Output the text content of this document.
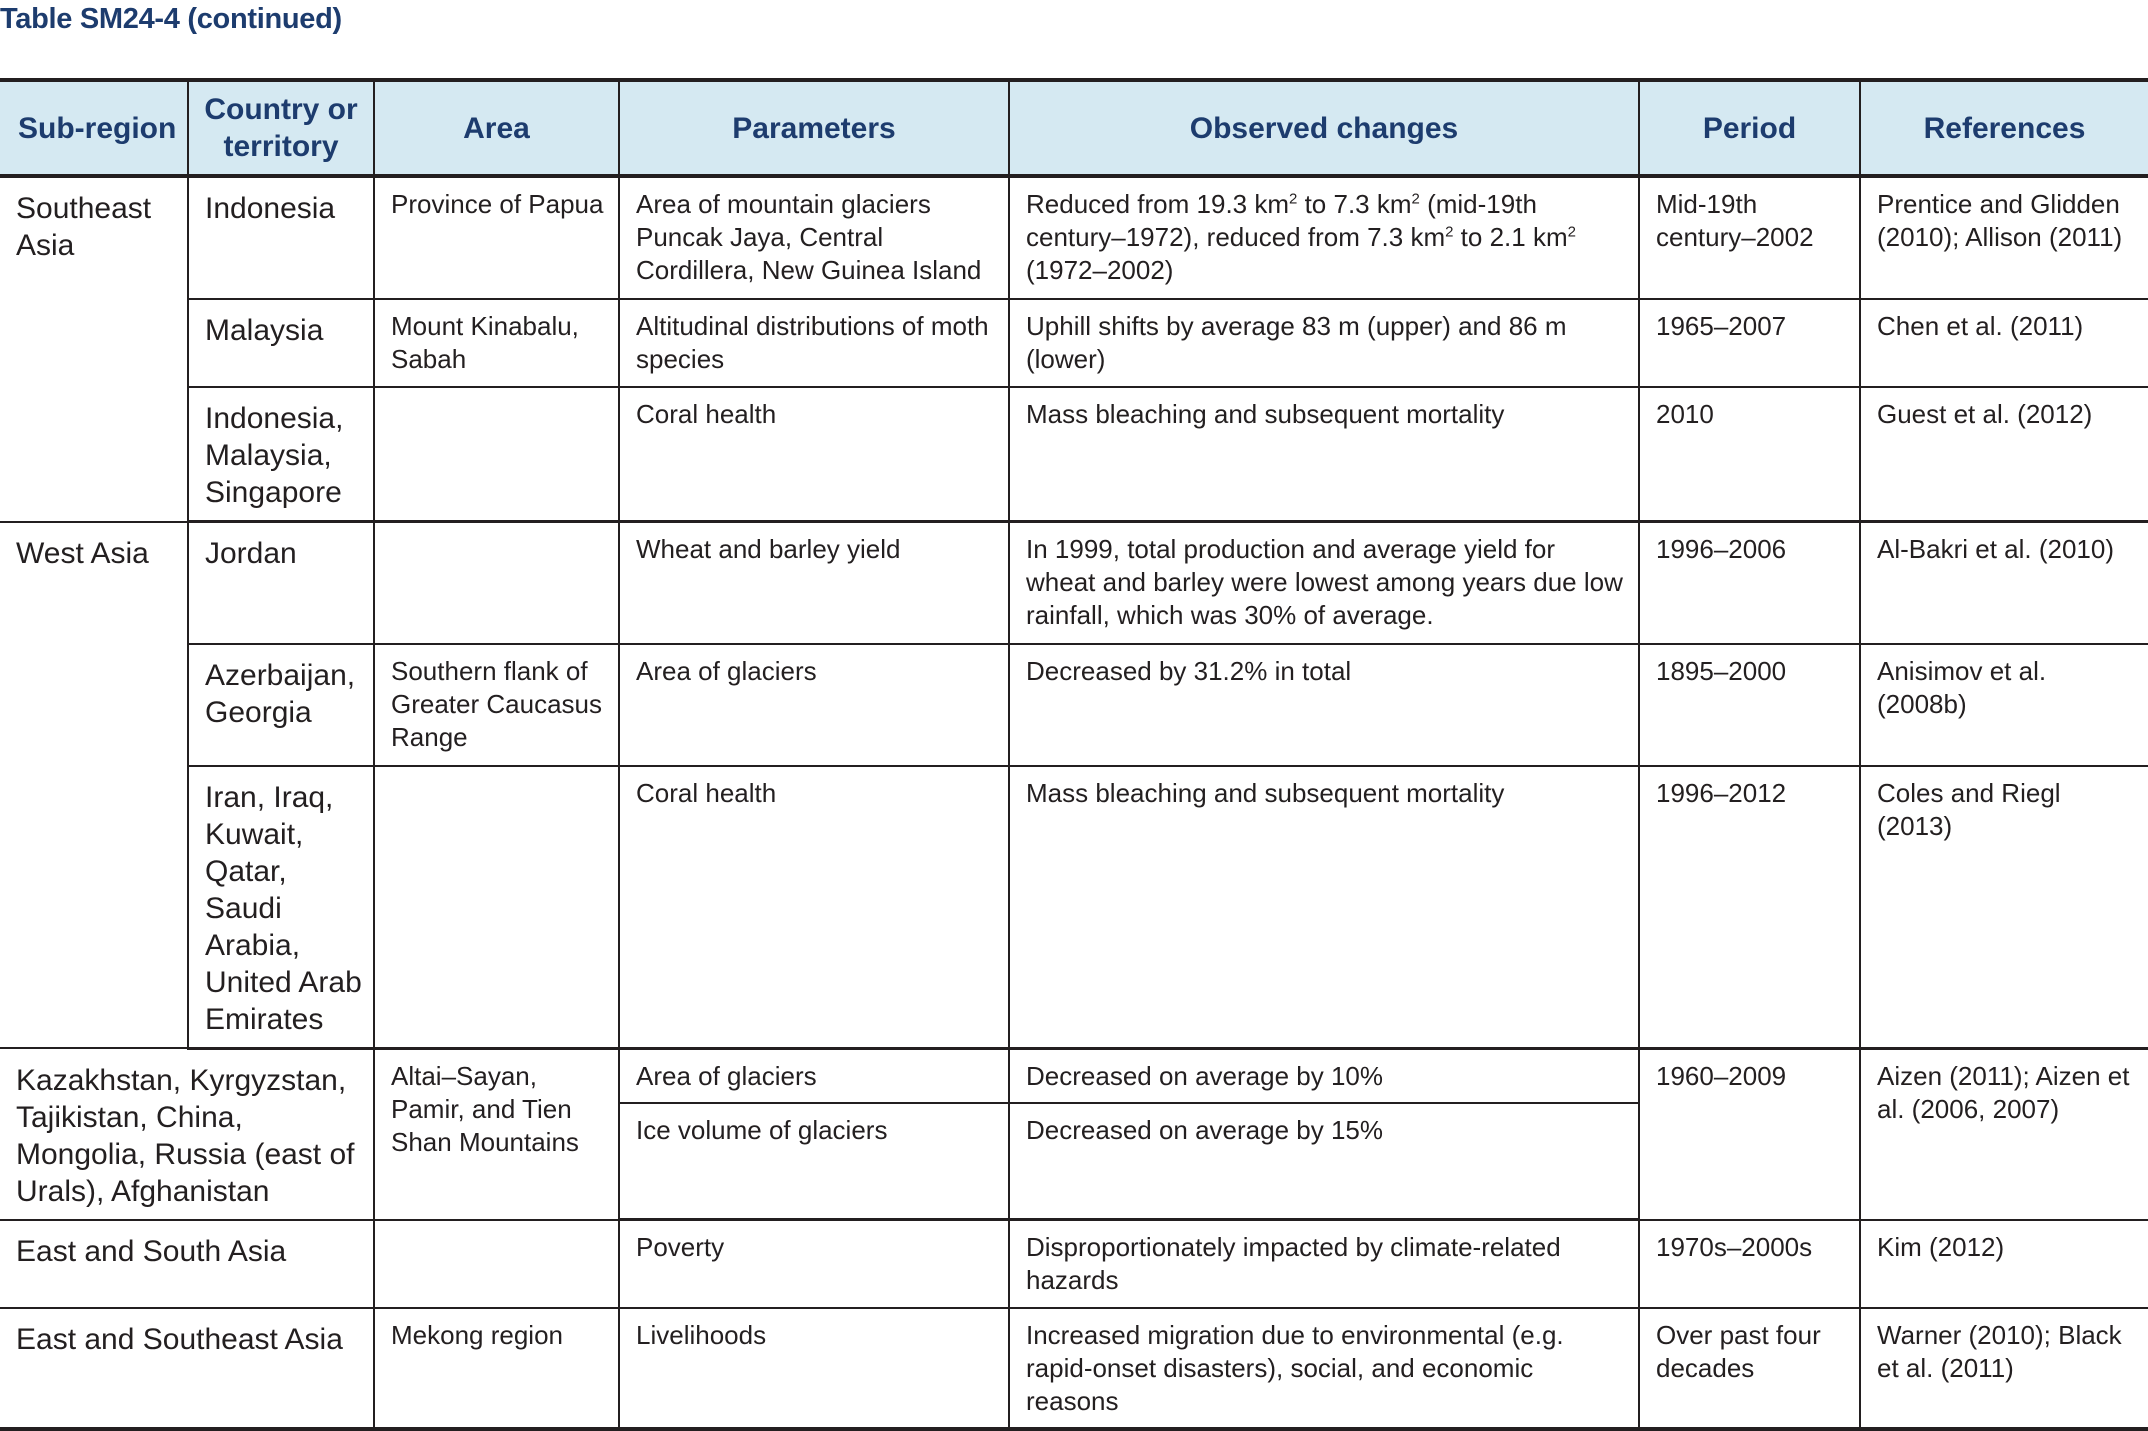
Table SM24-4 (continued)
Sub-region	Country or territory	Area	Parameters	Observed changes	Period	References
Southeast Asia	Indonesia	Province of Papua	Area of mountain glaciers Puncak Jaya, Central Cordillera, New Guinea Island	Reduced from 19.3 $km^2$ to 7.3 $km^2$ (mid-19th century–1972), reduced from 7.3 $km^2$ to 2.1 $km^2$ (1972–2002)	Mid-19th century–2002	Prentice and Glidden (2010); Allison (2011)
	Malaysia	Mount Kinabalu, Sabah	Altitudinal distributions of moth species	Uphill shifts by average 83 m (upper) and 86 m (lower)	1965–2007	Chen et al. (2011)
	Indonesia, Malaysia, Singapore		Coral health	Mass bleaching and subsequent mortality	2010	Guest et al. (2012)
West Asia	Jordan		Wheat and barley yield	In 1999, total production and average yield for wheat and barley were lowest among years due low rainfall, which was 30% of average.	1996–2006	Al-Bakri et al. (2010)
	Azerbaijan, Georgia	Southern flank of Greater Caucasus Range	Area of glaciers	Decreased by 31.2% in total	1895–2000	Anisimov et al. (2008b)
	Iran, Iraq, Kuwait, Qatar, Saudi Arabia, United Arab Emirates		Coral health	Mass bleaching and subsequent mortality	1996–2012	Coles and Riegl (2013)
Kazakhstan, Kyrgyzstan, Tajikistan, China, Mongolia, Russia (east of Urals), Afghanistan		Altai–Sayan, Pamir, and Tien Shan Mountains	Area of glaciers	Decreased on average by 10%	1960–2009	Aizen (2011); Aizen et al. (2006, 2007)
			Ice volume of glaciers	Decreased on average by 15%		
East and South Asia			Poverty	Disproportionately impacted by climate-related hazards	1970s–2000s	Kim (2012)
East and Southeast Asia		Mekong region	Livelihoods	Increased migration due to environmental (e.g. rapid-onset disasters), social, and economic reasons	Over past four decades	Warner (2010); Black et al. (2011)
